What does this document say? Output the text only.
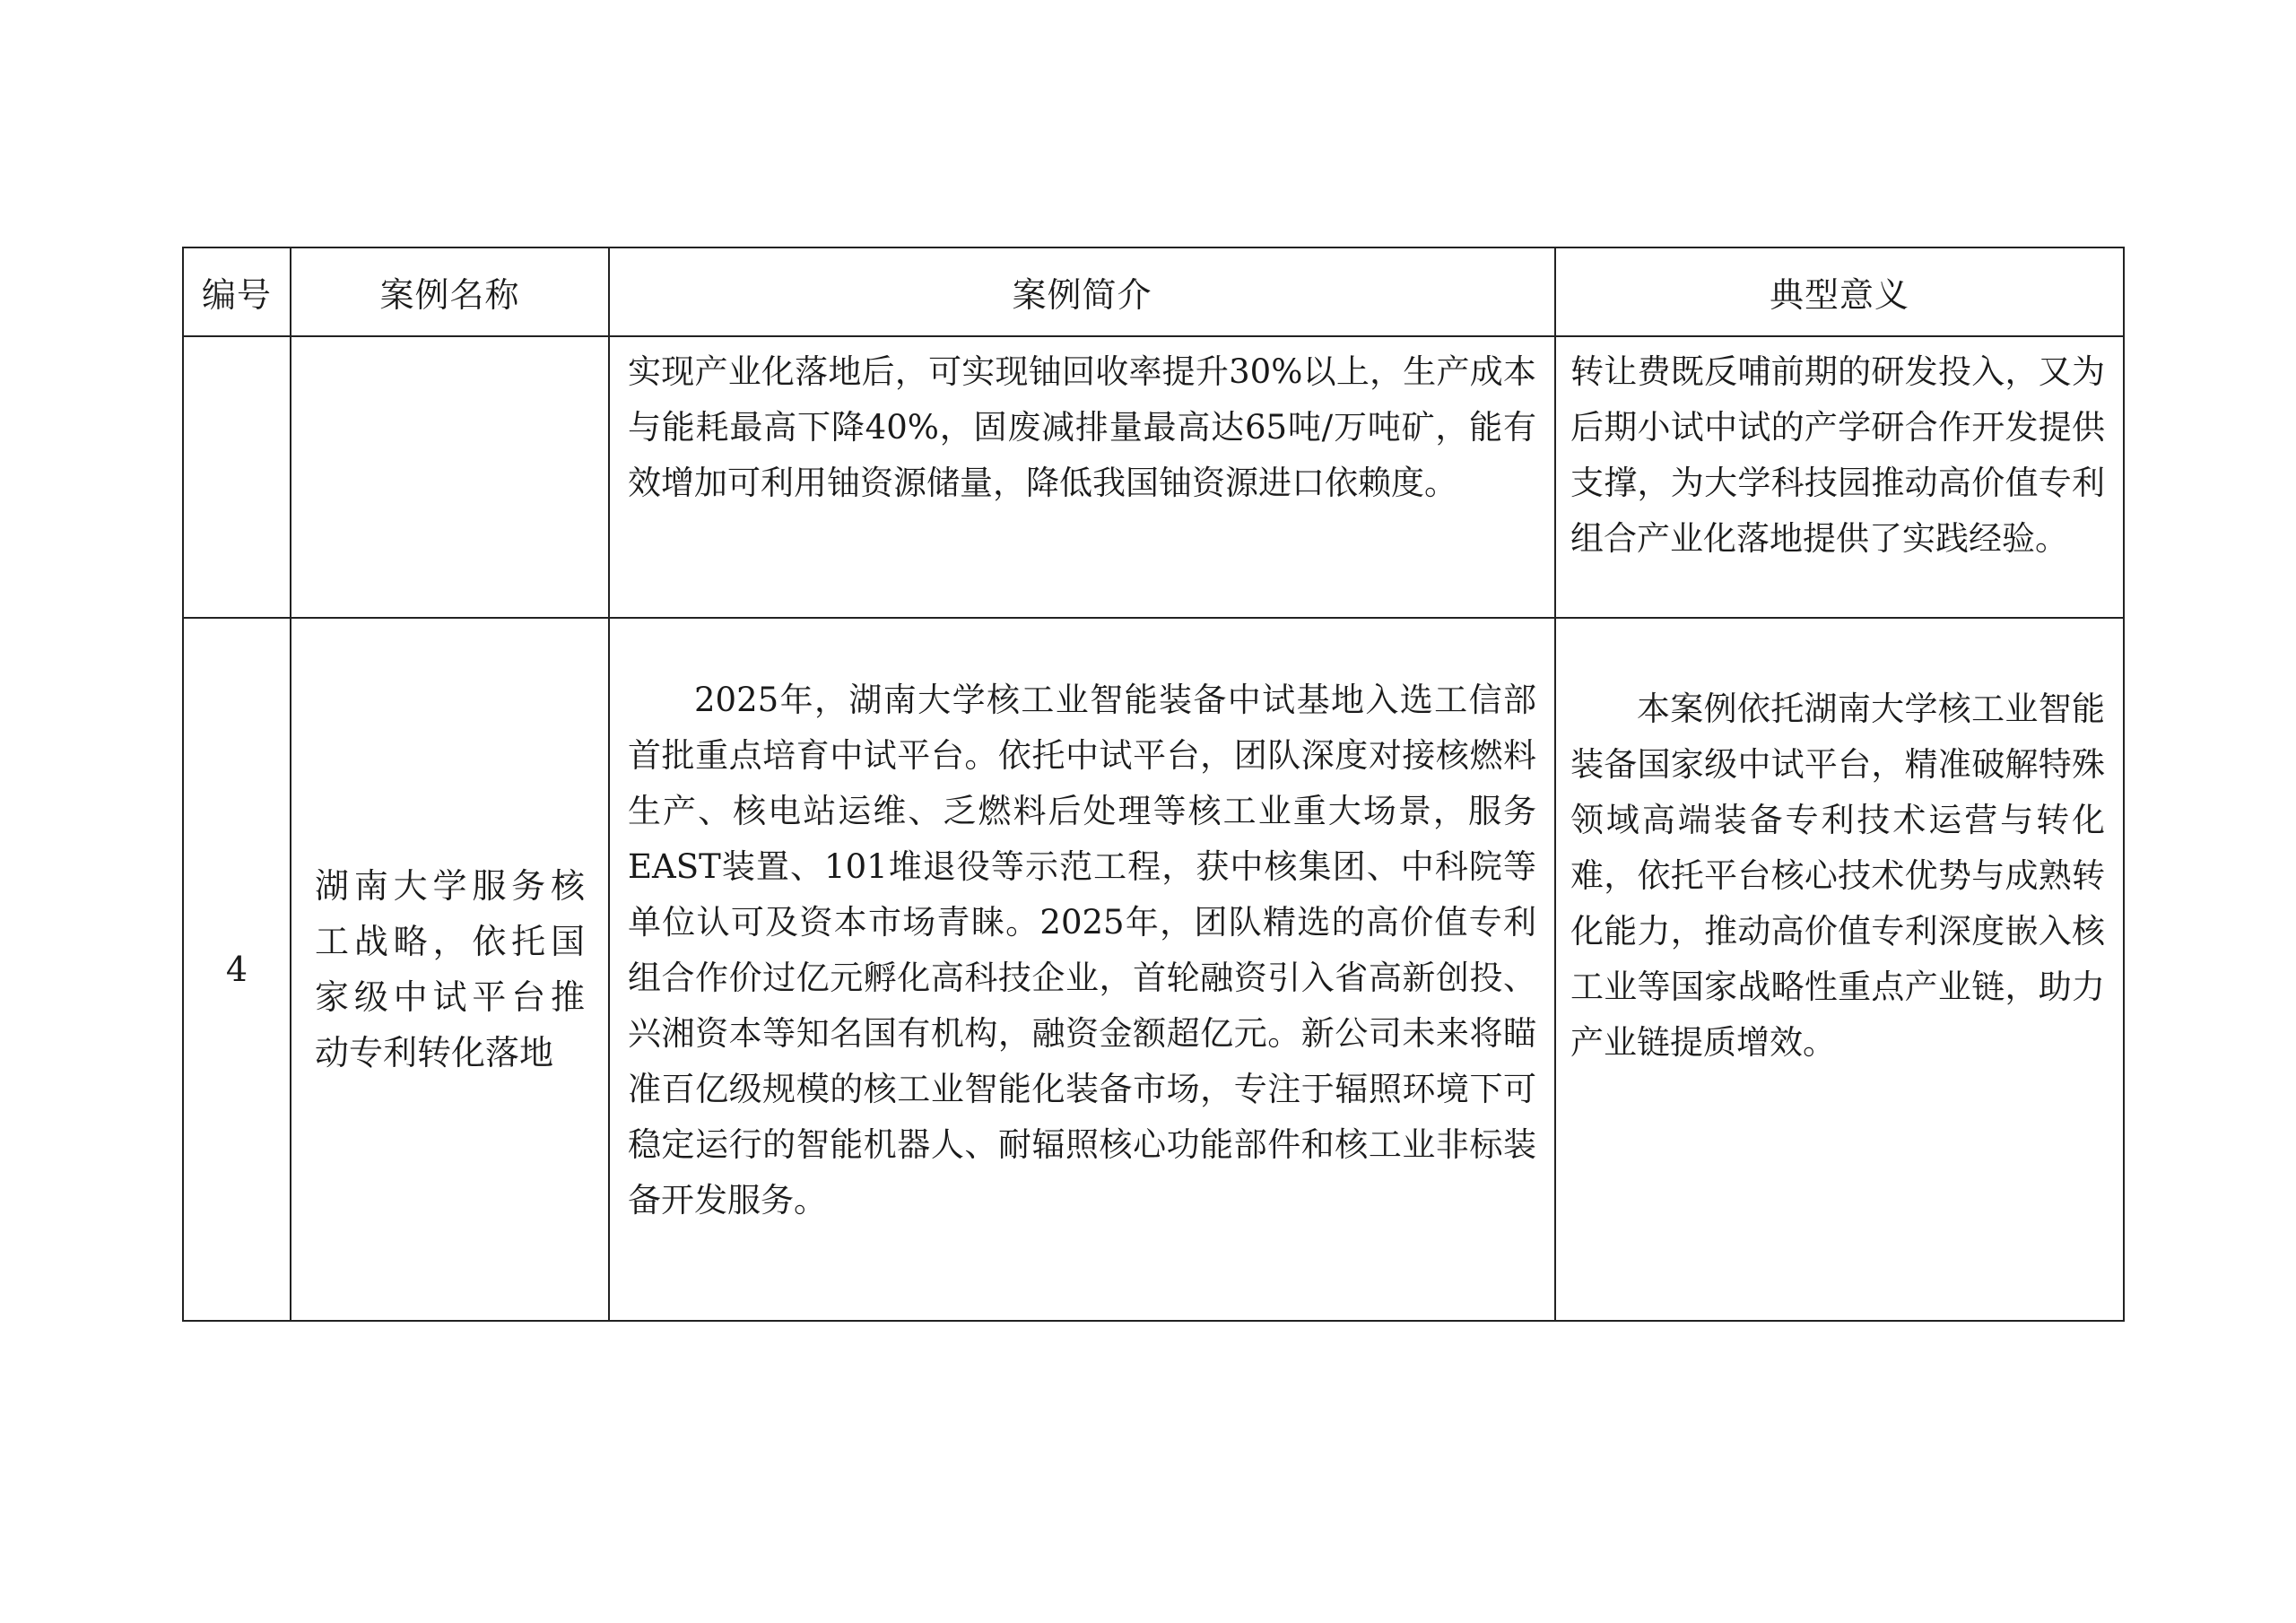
编号	案例名称	案例简介	典型意义

		实现产业化落地后，可实现铀回收率提升30%以上，生产成本与能耗最高下降40%，固废减排量最高达65吨/万吨矿，能有效增加可利用铀资源储量，降低我国铀资源进口依赖度。	转让费既反哺前期的研发投入，又为后期小试中试的产学研合作开发提供支撑，为大学科技园推动高价值专利组合产业化落地提供了实践经验。

4	湖南大学服务核工战略，依托国家级中试平台推动专利转化落地	2025年，湖南大学核工业智能装备中试基地入选工信部首批重点培育中试平台。依托中试平台，团队深度对接核燃料生产、核电站运维、乏燃料后处理等核工业重大场景，服务EAST装置、101堆退役等示范工程，获中核集团、中科院等单位认可及资本市场青睐。2025年，团队精选的高价值专利组合作价过亿元孵化高科技企业，首轮融资引入省高新创投、兴湘资本等知名国有机构，融资金额超亿元。新公司未来将瞄准百亿级规模的核工业智能化装备市场，专注于辐照环境下可稳定运行的智能机器人、耐辐照核心功能部件和核工业非标装备开发服务。	本案例依托湖南大学核工业智能装备国家级中试平台，精准破解特殊领域高端装备专利技术运营与转化难，依托平台核心技术优势与成熟转化能力，推动高价值专利深度嵌入核工业等国家战略性重点产业链，助力产业链提质增效。
